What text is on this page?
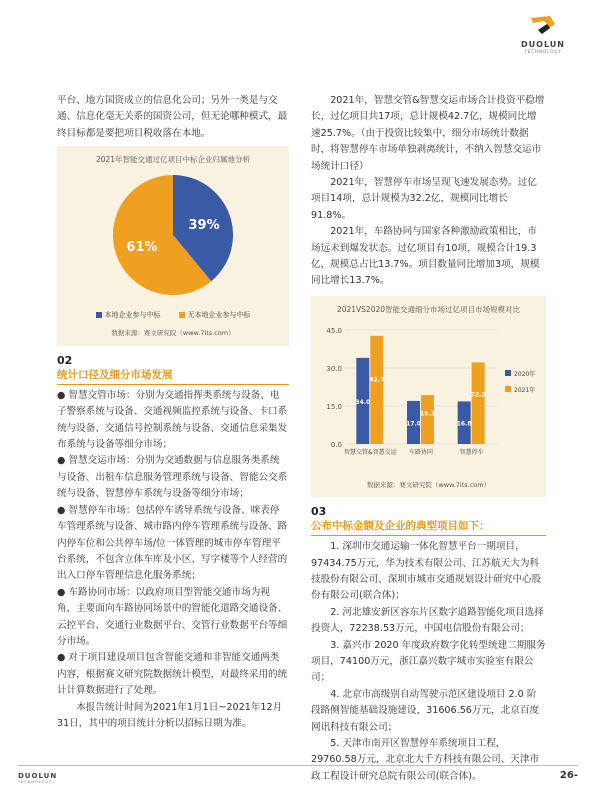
DUOLUN
TECHNOLOGY

平台、地方国资成立的信息化公司；另外一类是与交通、信息化毫无关系的国资公司，但无论哪种模式，最终目标都是要把项目税收落在本地。

2021年智能交通过亿项目中标企业归属地分析
39%
61%
本地企业参与中标	无本地企业参与中标
数据来源：赛文研究院（www.7its.com）
02
统计口径及细分市场发展

● 智慧交管市场：分别为交通指挥类系统与设备、电子警察系统与设备、交通视频监控系统与设备、卡口系统与设备、交通信号控制系统与设备、交通信息采集发布系统与设备等细分市场；

● 智慧交运市场：分别为交通数据与信息服务类系统与设备、出租车信息服务管理系统与设备、智能公交系统与设备、智慧停车系统与设备等细分市场；

● 智慧停车市场：包括停车诱导系统与设备、咪表停车管理系统与设备、城市路内停车管理系统与设备、路内停车位和公共停车场/位一体管理的城市停车管理平台系统，不包含立体车库及小区、写字楼等个人经营的出入口停车管理信息化服务系统；

● 车路协同市场：以政府项目型智能交通市场为视角，主要面向车路协同场景中的智能化道路交通设备、云控平台、交通行业数据平台、交管行业数据平台等细分市场。

● 对于项目建设项目包含智能交通和非智能交通两类内容，根据赛文研究院数据统计模型，对最终采用的统计计算数据进行了处理。

本报告统计时间为2021年1月1日~2021年12月31日，其中的项目统计分析以招标日期为准。

2021年，智慧交管&智慧交运市场合计投资平稳增长，过亿项目共17项，总计规模42.7亿，规模同比增速25.7%。（由于投资比较集中，细分市场统计数据时，将智慧停车市场单独剥离统计，不纳入智慧交运市场统计口径）

2021年，智慧停车市场呈现飞速发展态势。过亿项目14项，总计规模为32.2亿，规模同比增长91.8%。

2021年，车路协同与国家各种激励政策相比，市场远未到爆发状态。过亿项目有10项，规模合计19.3亿，规模总占比13.7%。项目数量同比增加3项，规模同比增长13.7%。

2021VS2020智能交通细分市场过亿项目市场规模对比
0.0
15.0
30.0
45.0
34.0
42.7
智慧交管&智慧交运
17.0
19.3
车路协同
16.8
32.2
智慧停车
2020年
2021年
数据来源：赛文研究院（www.7its.com）
03
公布中标金额及企业的典型项目如下：

1. 深圳市交通运输一体化智慧平台一期项目，97434.75万元，华为技术有限公司、江苏航天大为科技股份有限公司、深圳市城市交通规划设计研究中心股份有限公司(联合体)；

2. 河北雄安新区容东片区数字道路智能化项目选择投资人，72238.53万元，中国电信股份有限公司；

3. 嘉兴市 2020 年度政府数字化转型统建二期服务项目，74100万元，浙江嘉兴数字城市实验室有限公司；

4. 北京市高级别自动驾驶示范区建设项目 2.0 阶段路侧智能基础设施建设，31606.56万元，北京百度网讯科技有限公司；

5. 天津市南开区智慧停车系统项目工程，29760.58万元，北京北大千方科技有限公司、天津市政工程设计研究总院有限公司(联合体)。

DUOLUN
TECHNOLOGY
26-
